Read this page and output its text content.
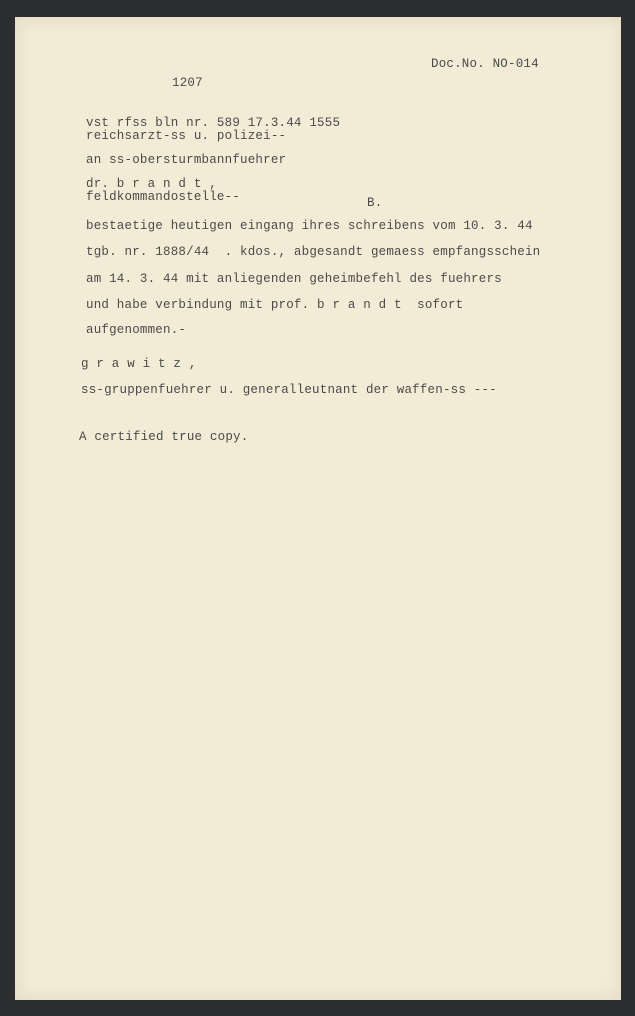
Doc.No. NO-014
1207
vst rfss bln nr. 589 17.3.44 1555
reichsarzt-ss u. polizei--
an ss-obersturmbannfuehrer
dr. b r a n d t ,
feldkommandostelle--	B.
bestaetige heutigen eingang ihres schreibens vom 10. 3. 44
tgb. nr. 1888/44  . kdos., abgesandt gemaess empfangsschein
am 14. 3. 44 mit anliegenden geheimbefehl des fuehrers
und habe verbindung mit prof. b r a n d t  sofort
aufgenommen.-
g r a w i t z ,
ss-gruppenfuehrer u. generalleutnant der waffen-ss ---
A certified true copy.
